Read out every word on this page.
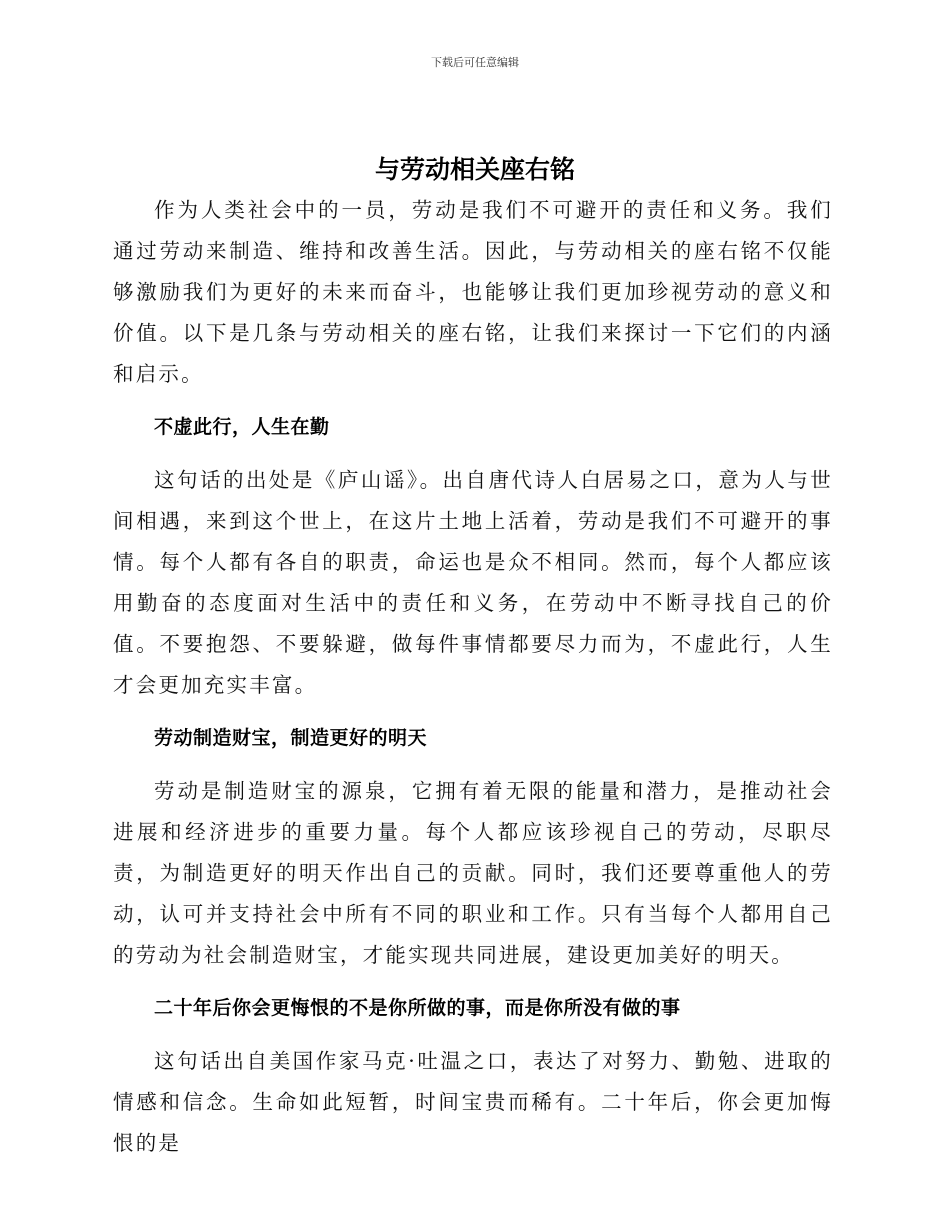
下载后可任意编辑
与劳动相关座右铭

作为人类社会中的一员，劳动是我们不可避开的责任和义务。我们通过劳动来制造、维持和改善生活。因此，与劳动相关的座右铭不仅能够激励我们为更好的未来而奋斗，也能够让我们更加珍视劳动的意义和价值。以下是几条与劳动相关的座右铭，让我们来探讨一下它们的内涵和启示。

不虚此行，人生在勤

这句话的出处是《庐山谣》。出自唐代诗人白居易之口，意为人与世间相遇，来到这个世上，在这片土地上活着，劳动是我们不可避开的事情。每个人都有各自的职责，命运也是众不相同。然而，每个人都应该用勤奋的态度面对生活中的责任和义务，在劳动中不断寻找自己的价值。不要抱怨、不要躲避，做每件事情都要尽力而为，不虚此行，人生才会更加充实丰富。

劳动制造财宝，制造更好的明天

劳动是制造财宝的源泉，它拥有着无限的能量和潜力，是推动社会进展和经济进步的重要力量。每个人都应该珍视自己的劳动，尽职尽责，为制造更好的明天作出自己的贡献。同时，我们还要尊重他人的劳动，认可并支持社会中所有不同的职业和工作。只有当每个人都用自己的劳动为社会制造财宝，才能实现共同进展，建设更加美好的明天。

二十年后你会更悔恨的不是你所做的事，而是你所没有做的事

这句话出自美国作家马克·吐温之口，表达了对努力、勤勉、进取的情感和信念。生命如此短暂，时间宝贵而稀有。二十年后，你会更加悔恨的是
